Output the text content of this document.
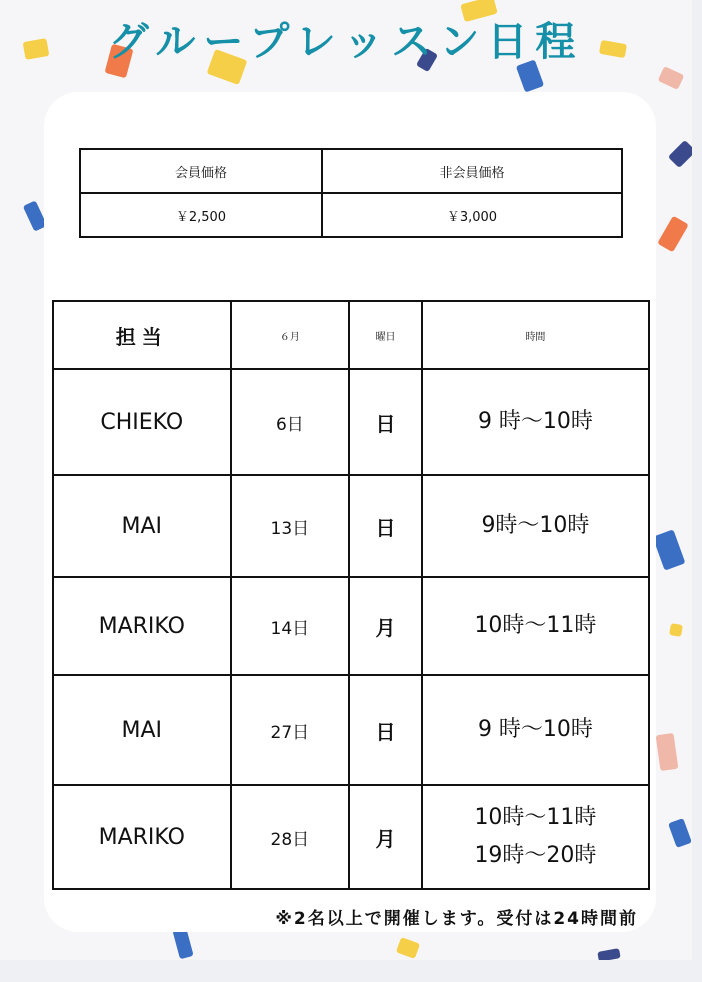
グループレッスン日程
会員価格	非会員価格
￥2,500	￥3,000
担当	６月	曜日	時間
CHIEKO	6日	日	9 時～10時

MAI	13日	日	9時～10時

MARIKO	14日	月	10時～11時

MAI	27日	日	9 時～10時

MARIKO	28日	月	10時～11時
19時～20時
※2名以上で開催します。受付は24時間前
